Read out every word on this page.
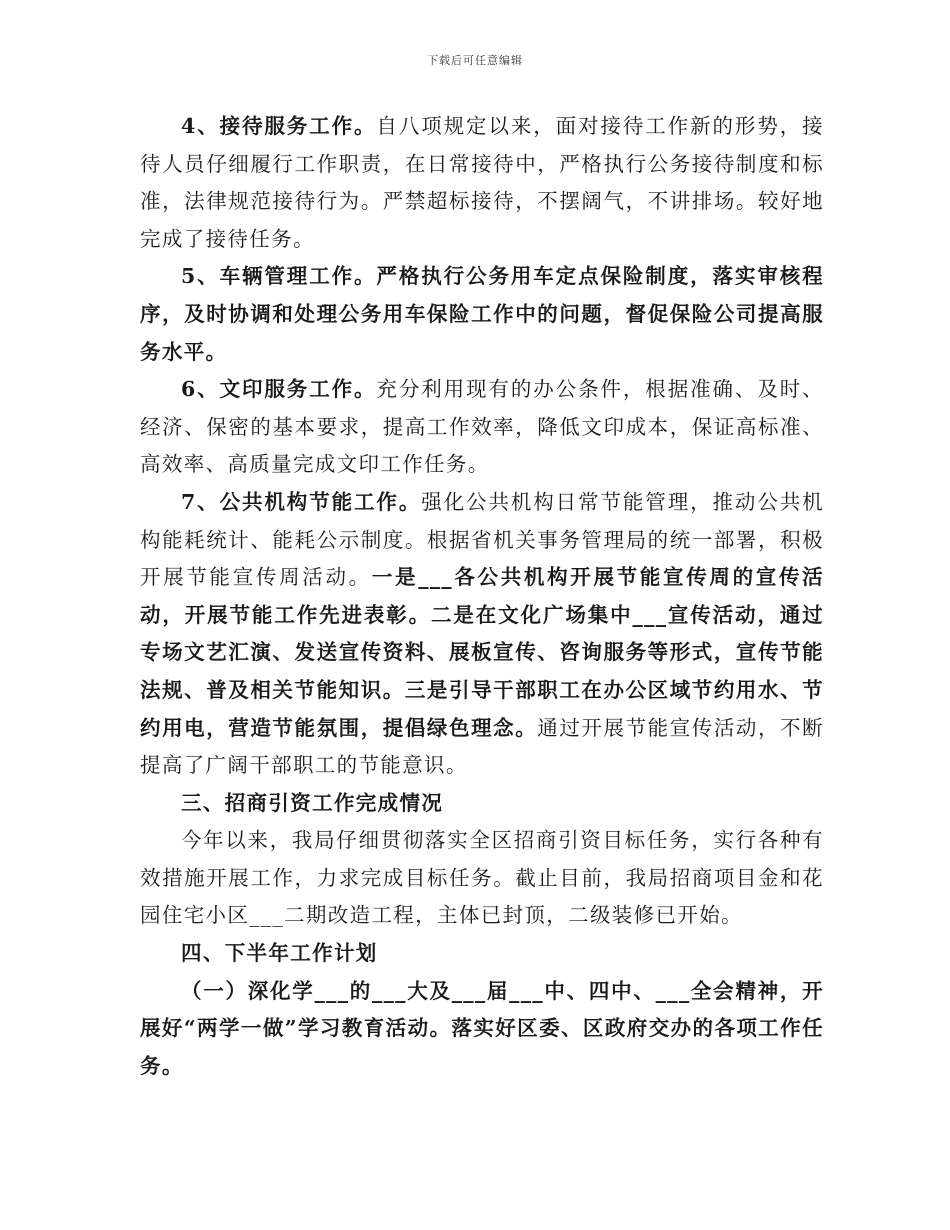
下载后可任意编辑

4、接待服务工作。自八项规定以来，面对接待工作新的形势，接待人员仔细履行工作职责，在日常接待中，严格执行公务接待制度和标准，法律规范接待行为。严禁超标接待，不摆阔气，不讲排场。较好地完成了接待任务。

5、车辆管理工作。严格执行公务用车定点保险制度，落实审核程序，及时协调和处理公务用车保险工作中的问题，督促保险公司提高服务水平。

6、文印服务工作。充分利用现有的办公条件，根据准确、及时、经济、保密的基本要求，提高工作效率，降低文印成本，保证高标准、高效率、高质量完成文印工作任务。

7、公共机构节能工作。强化公共机构日常节能管理，推动公共机构能耗统计、能耗公示制度。根据省机关事务管理局的统一部署，积极开展节能宣传周活动。一是___各公共机构开展节能宣传周的宣传活动，开展节能工作先进表彰。二是在文化广场集中___宣传活动，通过专场文艺汇演、发送宣传资料、展板宣传、咨询服务等形式，宣传节能法规、普及相关节能知识。三是引导干部职工在办公区域节约用水、节约用电，营造节能氛围，提倡绿色理念。通过开展节能宣传活动，不断提高了广阔干部职工的节能意识。

三、招商引资工作完成情况

今年以来，我局仔细贯彻落实全区招商引资目标任务，实行各种有效措施开展工作，力求完成目标任务。截止目前，我局招商项目金和花园住宅小区___二期改造工程，主体已封顶，二级装修已开始。

四、下半年工作计划

（一）深化学___的___大及___届___中、四中、___全会精神，开展好“两学一做”学习教育活动。落实好区委、区政府交办的各项工作任务。
